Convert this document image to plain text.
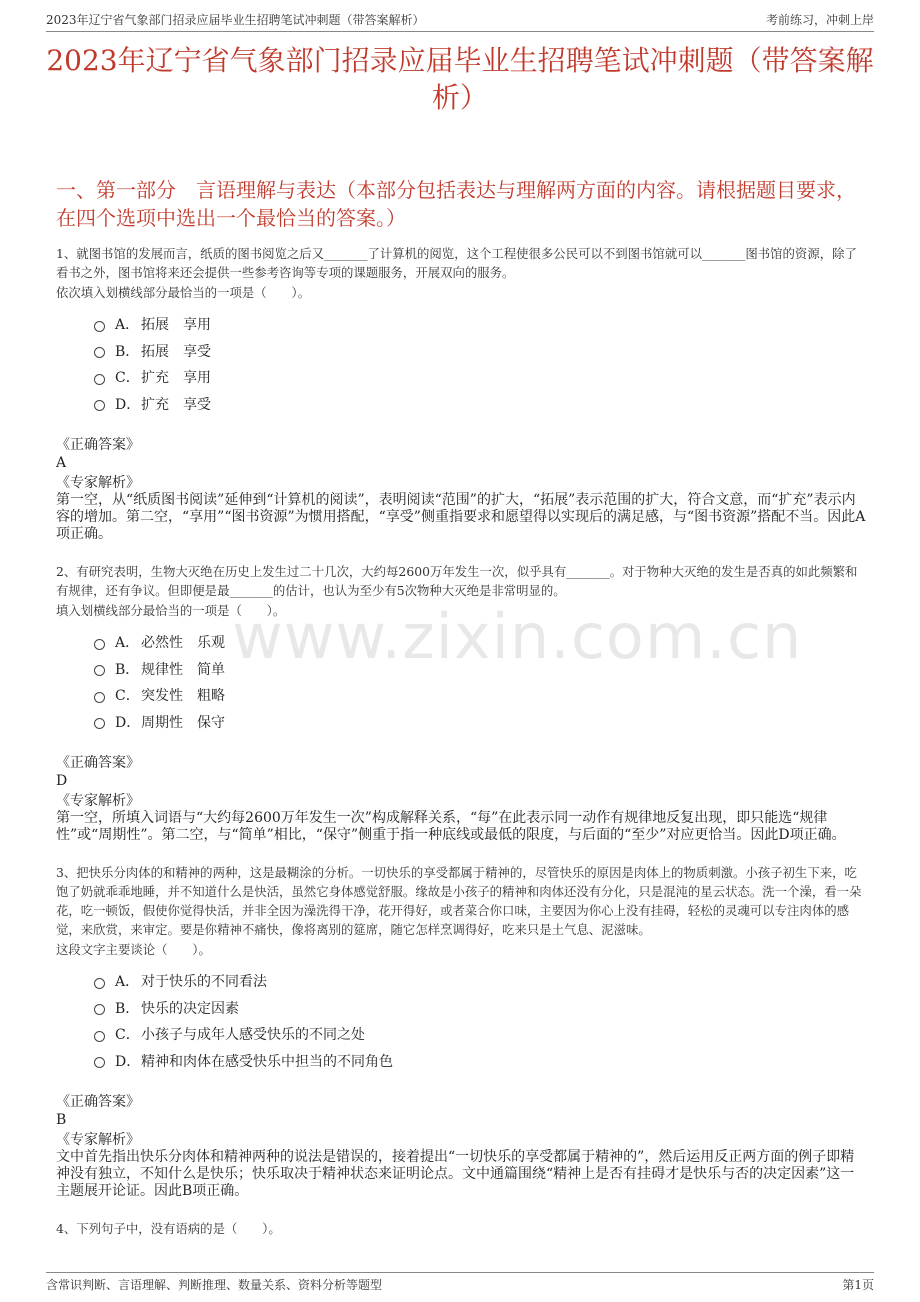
2023年辽宁省气象部门招录应届毕业生招聘笔试冲刺题（带答案解析）	考前练习，冲刺上岸
2023年辽宁省气象部门招录应届毕业生招聘笔试冲刺题（带答案解析）
一、第一部分　言语理解与表达（本部分包括表达与理解两方面的内容。请根据题目要求，在四个选项中选出一个最恰当的答案。）
www.zixin.com.cn
1、就图书馆的发展而言，纸质的图书阅览之后又_______了计算机的阅览，这个工程使很多公民可以不到图书馆就可以_______图书馆的资源，除了看书之外，图书馆将来还会提供一些参考咨询等专项的课题服务，开展双向的服务。
依次填入划横线部分最恰当的一项是（　　）。
A． 拓展　享用
B． 拓展　享受
C． 扩充　享用
D． 扩充　享受
《正确答案》
A
《专家解析》
第一空，从“纸质图书阅读”延伸到“计算机的阅读”，表明阅读“范围”的扩大，“拓展”表示范围的扩大，符合文意，而“扩充”表示内容的增加。第二空，“享用”“图书资源”为惯用搭配，“享受”侧重指要求和愿望得以实现后的满足感，与“图书资源”搭配不当。因此A项正确。
2、有研究表明，生物大灭绝在历史上发生过二十几次，大约每2600万年发生一次，似乎具有_______。对于物种大灭绝的发生是否真的如此频繁和有规律，还有争议。但即便是最_______的估计，也认为至少有5次物种大灭绝是非常明显的。
填入划横线部分最恰当的一项是（　　）。
A． 必然性　乐观
B． 规律性　简单
C． 突发性　粗略
D． 周期性　保守
《正确答案》
D
《专家解析》
第一空，所填入词语与“大约每2600万年发生一次”构成解释关系，“每”在此表示同一动作有规律地反复出现，即只能选“规律性”或“周期性”。第二空，与“简单”相比，“保守”侧重于指一种底线或最低的限度，与后面的“至少”对应更恰当。因此D项正确。
3、把快乐分肉体的和精神的两种，这是最糊涂的分析。一切快乐的享受都属于精神的，尽管快乐的原因是肉体上的物质刺激。小孩子初生下来，吃饱了奶就乖乖地睡，并不知道什么是快活，虽然它身体感觉舒服。缘故是小孩子的精神和肉体还没有分化，只是混沌的星云状态。洗一个澡，看一朵花，吃一顿饭，假使你觉得快活，并非全因为澡洗得干净，花开得好，或者菜合你口味，主要因为你心上没有挂碍，轻松的灵魂可以专注肉体的感觉，来欣赏，来审定。要是你精神不痛快，像将离别的筵席，随它怎样烹调得好，吃来只是土气息、泥滋味。
这段文字主要谈论（　　）。
A． 对于快乐的不同看法
B． 快乐的决定因素
C． 小孩子与成年人感受快乐的不同之处
D． 精神和肉体在感受快乐中担当的不同角色
《正确答案》
B
《专家解析》
文中首先指出快乐分肉体和精神两种的说法是错误的，接着提出“一切快乐的享受都属于精神的”，然后运用反正两方面的例子即精神没有独立，不知什么是快乐；快乐取决于精神状态来证明论点。文中通篇围绕“精神上是否有挂碍才是快乐与否的决定因素”这一主题展开论证。因此B项正确。
4、下列句子中，没有语病的是（　　）。
含常识判断、言语理解、判断推理、数量关系、资料分析等题型	第1页
